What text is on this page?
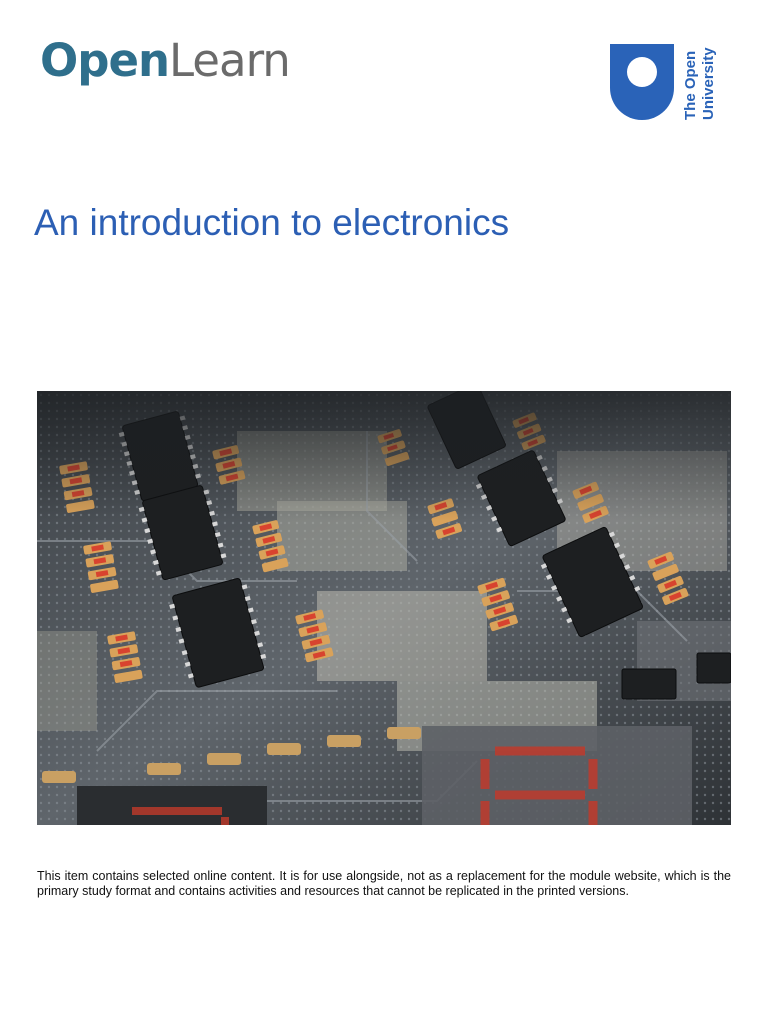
OpenLearn	The Open University
An introduction to electronics

This item contains selected online content. It is for use alongside, not as a replacement for the module website, which is the primary study format and contains activities and resources that cannot be replicated in the printed versions.
